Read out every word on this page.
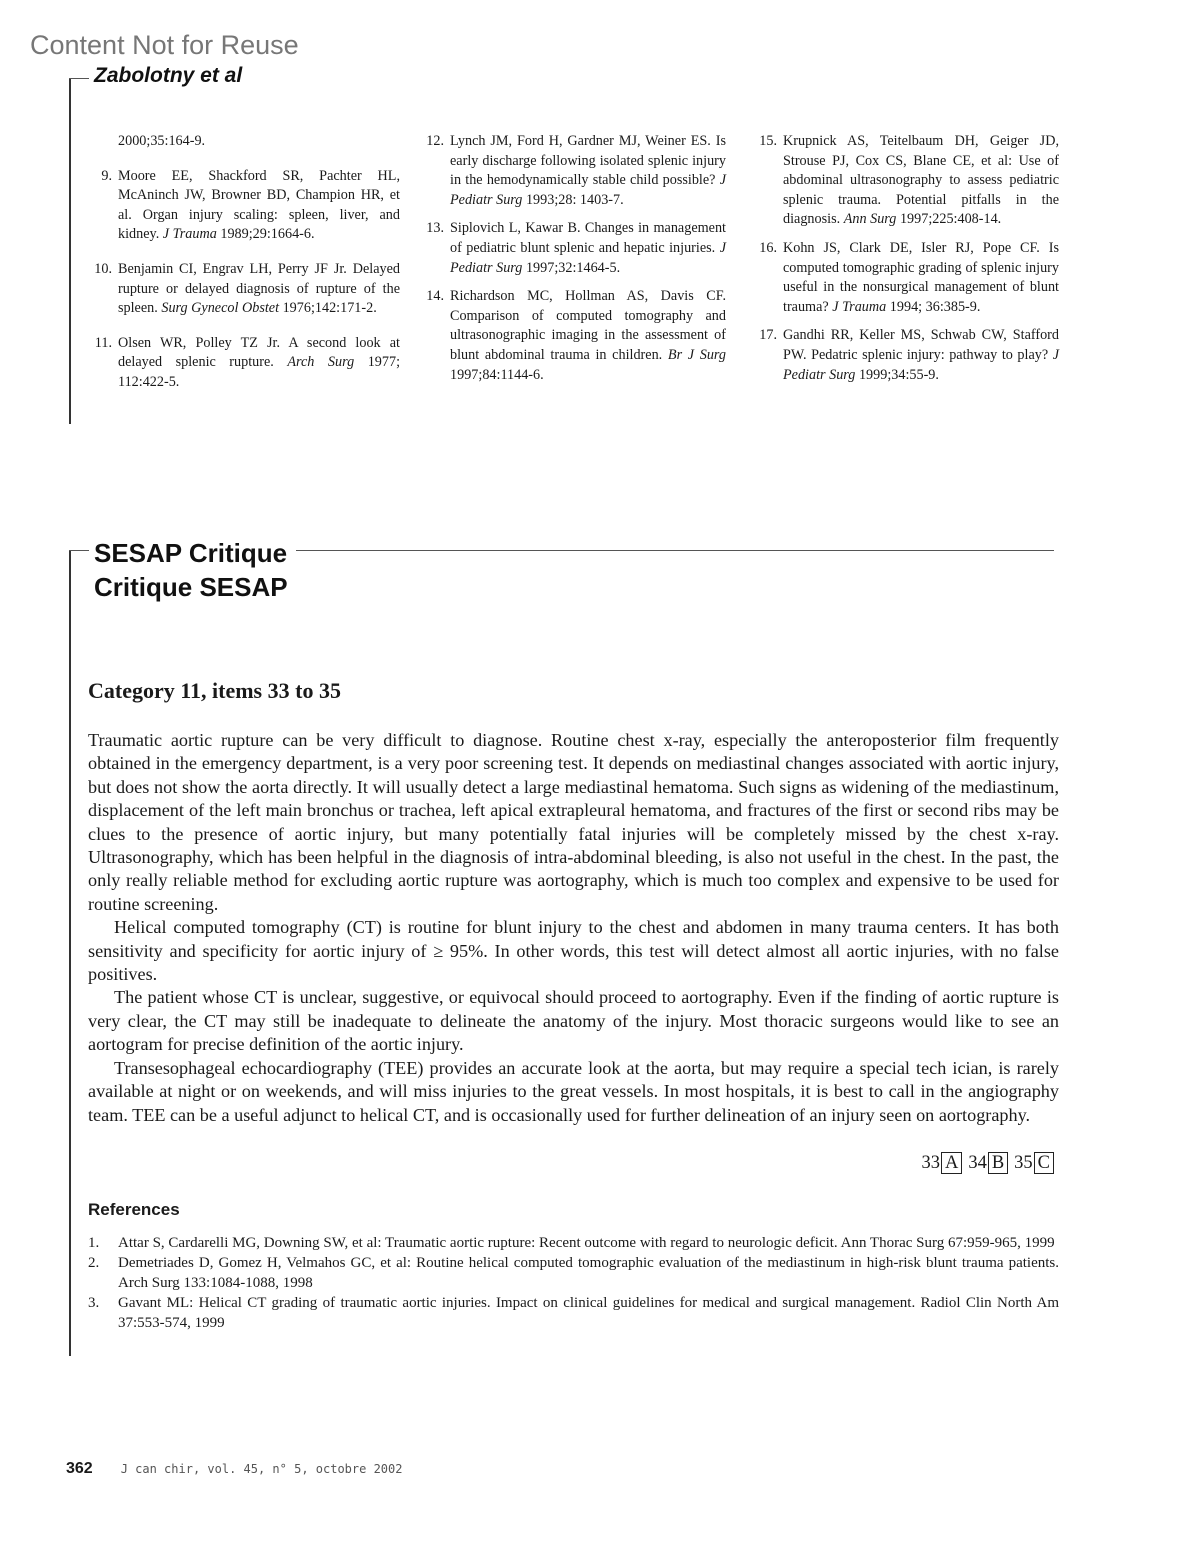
Content Not for Reuse
Zabolotny et al
2000;35:164-9.
9. Moore EE, Shackford SR, Pachter HL, McAninch JW, Browner BD, Champion HR, et al. Organ injury scaling: spleen, liver, and kidney. J Trauma 1989;29:1664-6.
10. Benjamin CI, Engrav LH, Perry JF Jr. Delayed rupture or delayed diagnosis of rupture of the spleen. Surg Gynecol Obstet 1976;142:171-2.
11. Olsen WR, Polley TZ Jr. A second look at delayed splenic rupture. Arch Surg 1977; 112:422-5.
12. Lynch JM, Ford H, Gardner MJ, Weiner ES. Is early discharge following isolated splenic injury in the hemodynamically stable child possible? J Pediatr Surg 1993;28: 1403-7.
13. Siplovich L, Kawar B. Changes in management of pediatric blunt splenic and hepatic injuries. J Pediatr Surg 1997;32:1464-5.
14. Richardson MC, Hollman AS, Davis CF. Comparison of computed tomography and ultrasonographic imaging in the assessment of blunt abdominal trauma in children. Br J Surg 1997;84:1144-6.
15. Krupnick AS, Teitelbaum DH, Geiger JD, Strouse PJ, Cox CS, Blane CE, et al: Use of abdominal ultrasonography to assess pediatric splenic trauma. Potential pitfalls in the diagnosis. Ann Surg 1997;225:408-14.
16. Kohn JS, Clark DE, Isler RJ, Pope CF. Is computed tomographic grading of splenic injury useful in the nonsurgical management of blunt trauma? J Trauma 1994; 36:385-9.
17. Gandhi RR, Keller MS, Schwab CW, Stafford PW. Pedatric splenic injury: pathway to play? J Pediatr Surg 1999;34:55-9.
SESAP Critique
Critique SESAP
Category 11, items 33 to 35

Traumatic aortic rupture can be very difficult to diagnose. Routine chest x-ray, especially the anteroposterior film frequently obtained in the emergency department, is a very poor screening test. It depends on mediastinal changes associated with aortic injury, but does not show the aorta directly. It will usually detect a large mediastinal hematoma. Such signs as widening of the mediastinum, displacement of the left main bronchus or trachea, left apical extrapleural hematoma, and fractures of the first or second ribs may be clues to the presence of aortic injury, but many potentially fatal injuries will be completely missed by the chest x-ray. Ultrasonography, which has been helpful in the diagnosis of intra-abdominal bleeding, is also not useful in the chest. In the past, the only really reliable method for excluding aortic rupture was aortography, which is much too complex and expensive to be used for routine screening.

Helical computed tomography (CT) is routine for blunt injury to the chest and abdomen in many trauma centers. It has both sensitivity and specificity for aortic injury of ≥ 95%. In other words, this test will detect almost all aortic injuries, with no false positives.

The patient whose CT is unclear, suggestive, or equivocal should proceed to aortography. Even if the finding of aortic rupture is very clear, the CT may still be inadequate to delineate the anatomy of the injury. Most thoracic surgeons would like to see an aortogram for precise definition of the aortic injury.

Transesophageal echocardiography (TEE) provides an accurate look at the aorta, but may require a special tech ician, is rarely available at night or on weekends, and will miss injuries to the great vessels. In most hospitals, it is best to call in the angiography team. TEE can be a useful adjunct to helical CT, and is occasionally used for further delineation of an injury seen on aortography.

33 A 34 B 35 C
References
1. Attar S, Cardarelli MG, Downing SW, et al: Traumatic aortic rupture: Recent outcome with regard to neurologic deficit. Ann Thorac Surg 67:959-965, 1999
2. Demetriades D, Gomez H, Velmahos GC, et al: Routine helical computed tomographic evaluation of the mediastinum in high-risk blunt trauma patients. Arch Surg 133:1084-1088, 1998
3. Gavant ML: Helical CT grading of traumatic aortic injuries. Impact on clinical guidelines for medical and surgical management. Radiol Clin North Am 37:553-574, 1999
362 J can chir, vol. 45, n° 5, octobre 2002
